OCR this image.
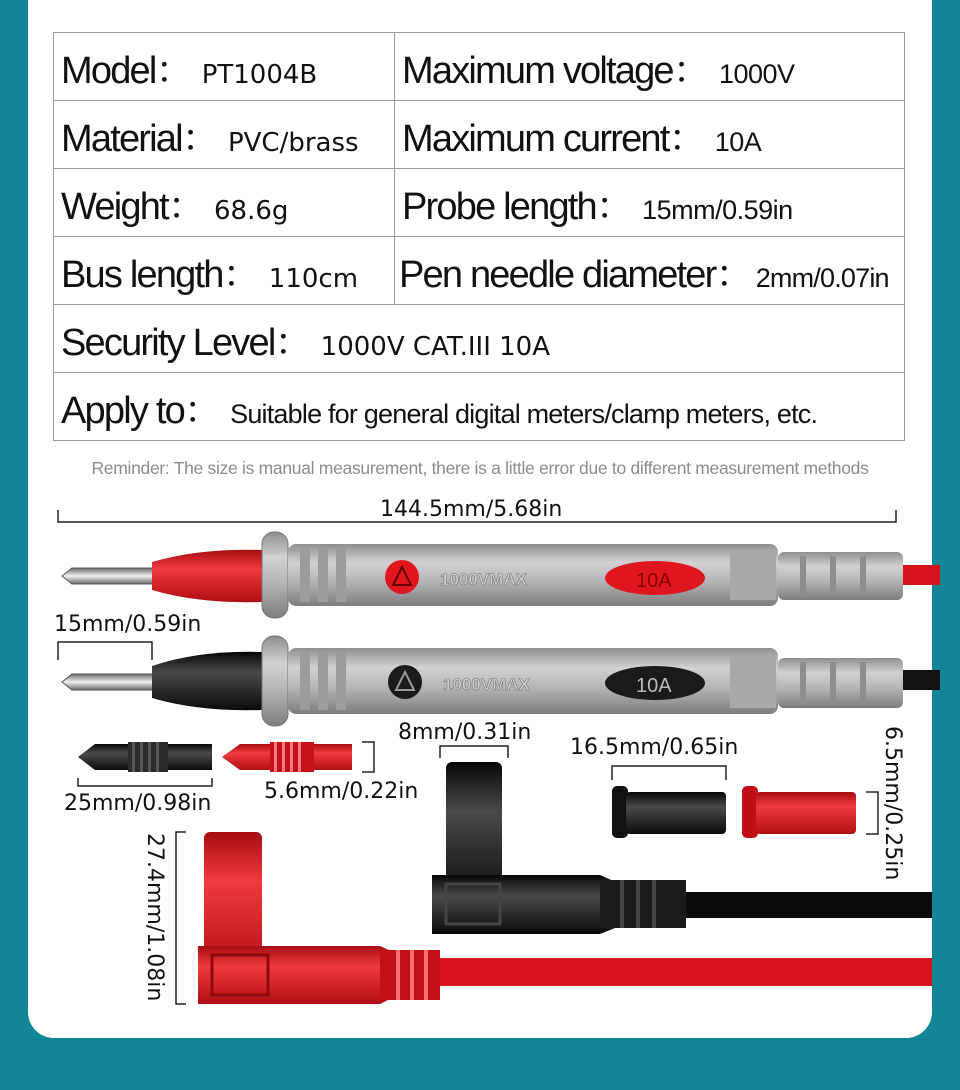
Model： PT1004B	Maximum voltage： 1000V
Material： PVC/brass	Maximum current： 10A
Weight： 68.6g	Probe length： 15mm/0.59in
Bus length： 110cm	Pen needle diameter： 2mm/0.07in
Security Level： 1000V CAT.III 10A	
Apply to： Suitable for general digital meters/clamp meters, etc.	
Reminder: The size is manual measurement, there is a little error due to different measurement methods
1000VMAX	10A
1000VMAX	10A
144.5mm/5.68in
15mm/0.59in
25mm/0.98in 5.6mm/0.22in
8mm/0.31in
16.5mm/0.65in	6.5mm/0.25in
27.4mm/1.08in
